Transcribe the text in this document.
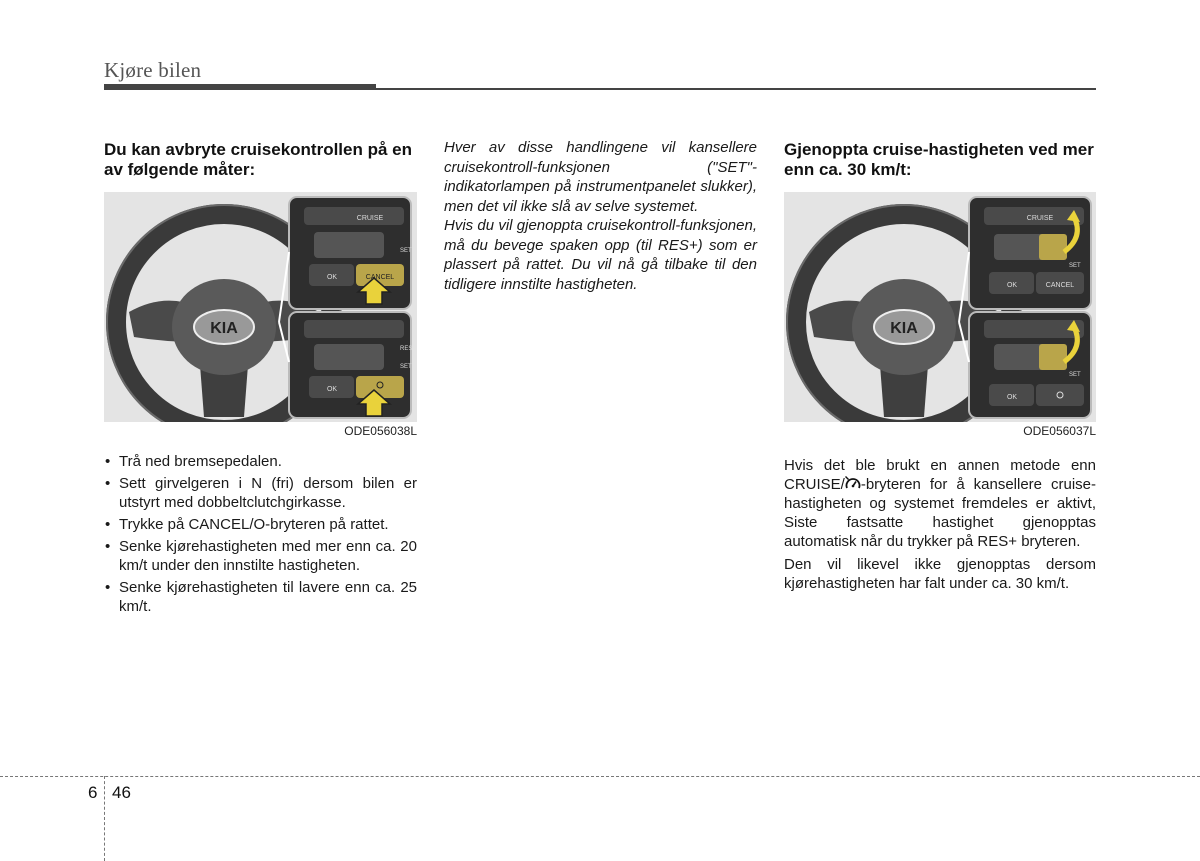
Kjøre bilen
Du kan avbryte cruisekontrollen på en av følgende måter:
KIA
CRUISE
SET
OK	CANCEL
RES
SET
OK
ODE056038L
• Trå ned bremsepedalen.
• Sett girvelgeren i N (fri) dersom bilen er utstyrt med dobbeltclutchgirkasse.
• Trykke på CANCEL/O-bryteren på rattet.
• Senke kjørehastigheten med mer enn ca. 20 km/t under den innstilte hastigheten.
• Senke kjørehastigheten til lavere enn ca. 25 km/t.

Hver av disse handlingene vil kansellere cruisekontroll-funksjonen ("SET"-indikatorlampen på instrumentpanelet slukker), men det vil ikke slå av selve systemet.

Hvis du vil gjenoppta cruisekontroll-funksjonen, må du bevege spaken opp (til RES+) som er plassert på rattet. Du vil nå gå tilbake til den tidligere innstilte hastigheten.

Gjenoppta cruise-hastigheten ved mer enn ca. 30 km/t:
KIA
CRUISE
SET
OK	CANCEL
SET
OK
ODE056037L

Hvis det ble brukt en annen metode enn CRUISE/ -bryteren for å kansellere cruise-hastigheten og systemet fremdeles er aktivt, Siste fastsatte hastighet gjenopptas automatisk når du trykker på RES+ bryteren.

Den vil likevel ikke gjenopptas dersom kjørehastigheten har falt under ca. 30 km/t.

6 46
